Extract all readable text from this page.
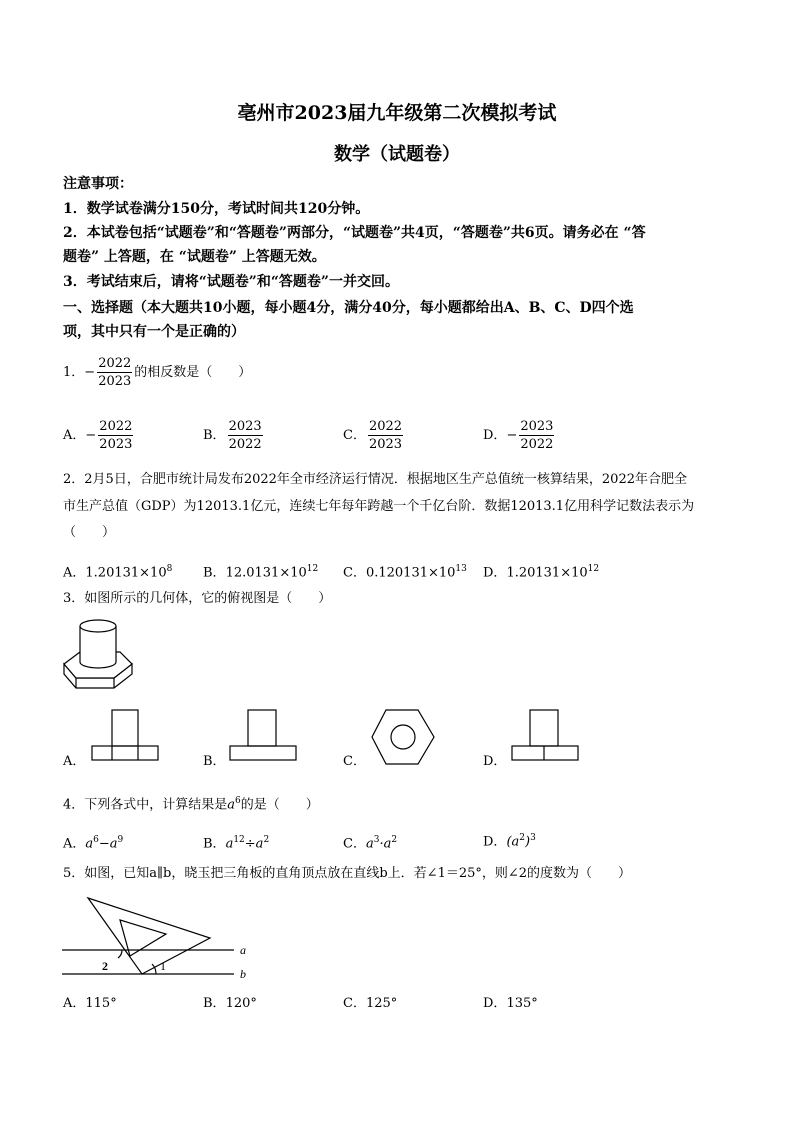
亳州市2023届九年级第二次模拟考试
数学（试题卷）
注意事项：
1．数学试卷满分150分，考试时间共120分钟。
2．本试卷包括“试题卷”和“答题卷”两部分，“试题卷”共4页，“答题卷”共6页。请务必在 “答
题卷” 上答题，在 “试题卷” 上答题无效。
3．考试结束后，请将“试题卷”和“答题卷”一并交回。
一、选择题（本大题共10小题，每小题4分，满分40分，每小题都给出A、B、C、D四个选
项，其中只有一个是正确的）
1．− $\frac{2022}{2023}$ 的相反数是（　　）
A．− $\frac{2022}{2023}$	B． $\frac{2023}{2022}$	C． $\frac{2022}{2023}$	D．− $\frac{2023}{2022}$
2．2月5日，合肥市统计局发布2022年全市经济运行情况．根据地区生产总值统一核算结果，2022年合肥全
市生产总值（GDP）为12013.1亿元，连续七年每年跨越一个千亿台阶．数据12013.1亿用科学记数法表示为
（　　）
A．$1.20131\times 10^8$ B．$12.0131\times 10^{12}$ C．$0.120131\times 10^{13}$ D．$1.20131\times 10^{12}$
3．如图所示的几何体，它的俯视图是（　　）
A．	B．	C．	D．
4．下列各式中，计算结果是$a^6$的是（　　）
A．$a^6-a^9$	B．$a^{12}\div a^2$	C．$a^3\cdot a^2$	D．$(a^2)^3$
5．如图，已知a∥b，晓玉把三角板的直角顶点放在直线b上．若∠1＝25°，则∠2的度数为（　　）
a
b
1
2
A．115°	B．120°	C．125°	D．135°
